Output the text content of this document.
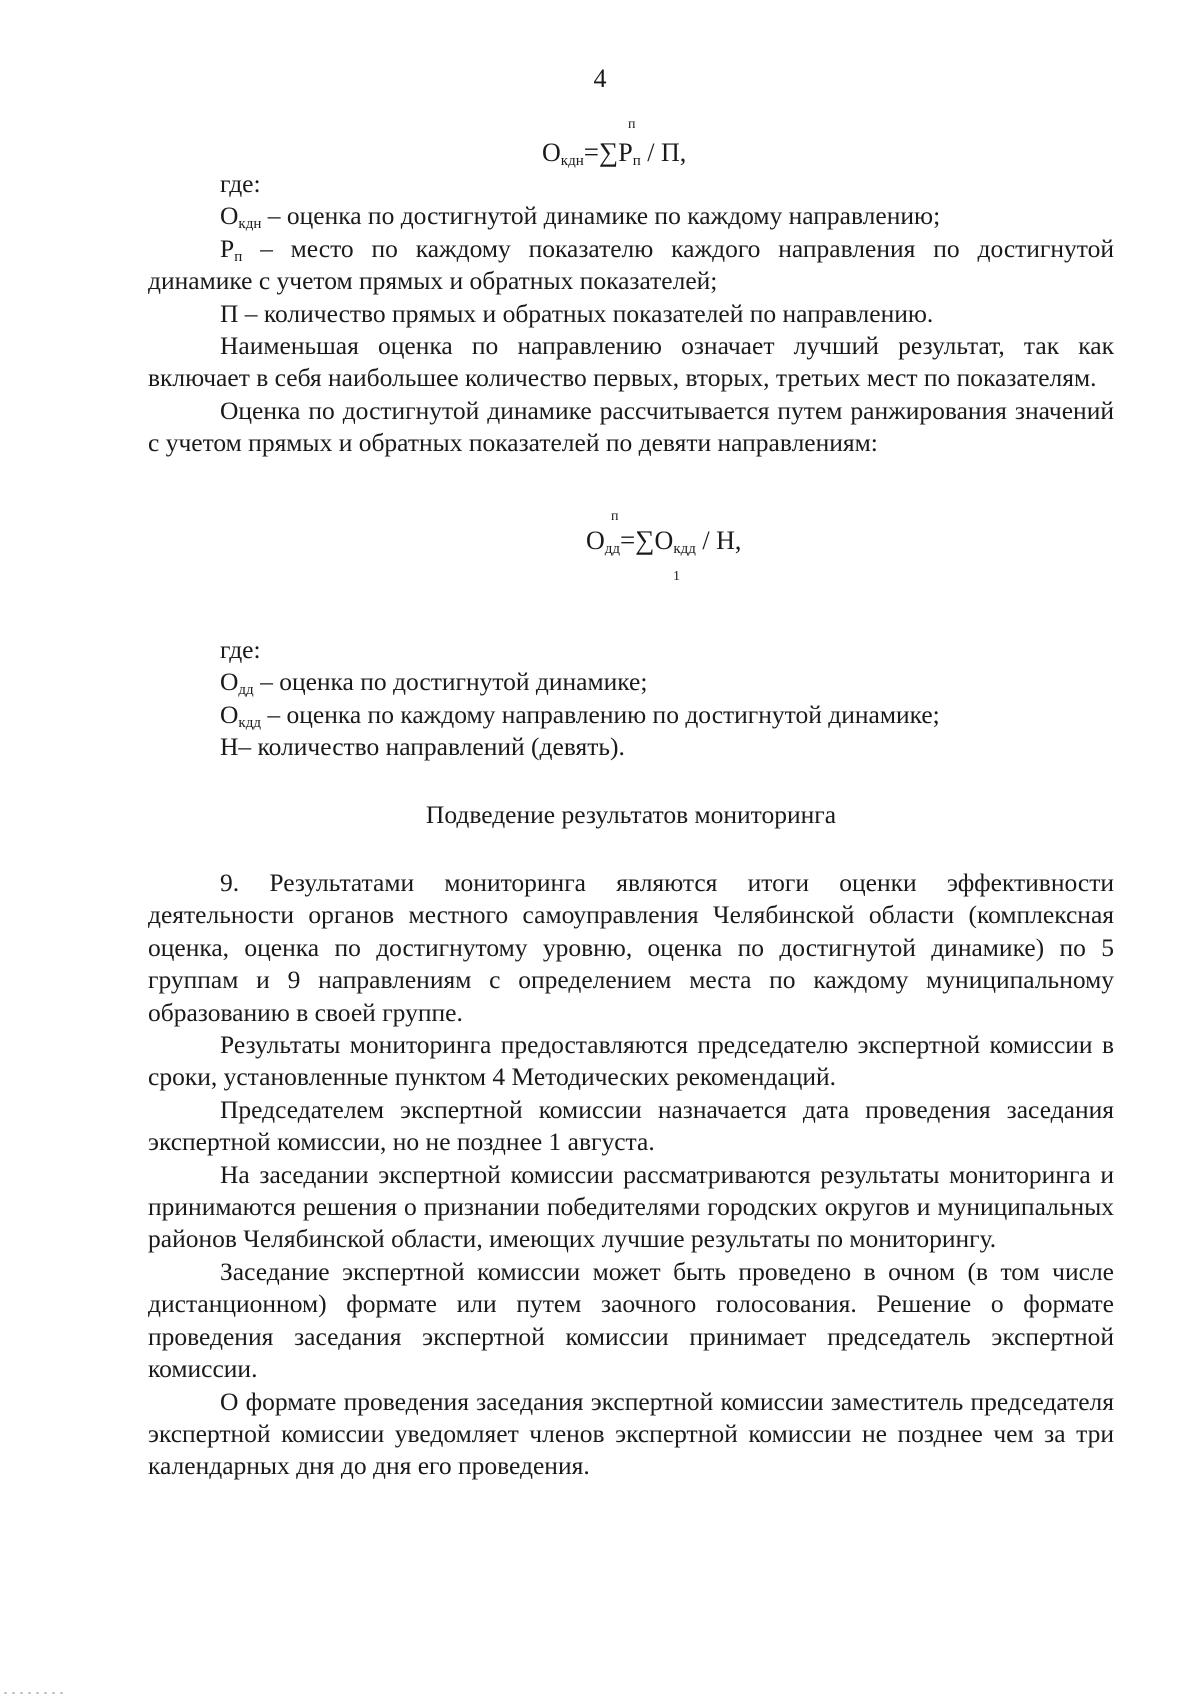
4
п
$О_{кдн}=\sum Р_п / П$,

где:

$О_{кдн}$ – оценка по достигнутой динамике по каждому направлению;

$Р_п$ – место по каждому показателю каждого направления по достигнутой динамике с учетом прямых и обратных показателей;

П – количество прямых и обратных показателей по направлению.

Наименьшая оценка по направлению означает лучший результат, так как включает в себя наибольшее количество первых, вторых, третьих мест по показателям.

Оценка по достигнутой динамике рассчитывается путем ранжирования значений с учетом прямых и обратных показателей по девяти направлениям:

п
$О_{дд}=\sum О_{кдд} / Н$,
1

где:

$О_{дд}$ – оценка по достигнутой динамике;

$О_{кдд}$ – оценка по каждому направлению по достигнутой динамике;

Н– количество направлений (девять).

Подведение результатов мониторинга

9. Результатами мониторинга являются итоги оценки эффективности деятельности органов местного самоуправления Челябинской области (комплексная оценка, оценка по достигнутому уровню, оценка по достигнутой динамике) по 5 группам и 9 направлениям с определением места по каждому муниципальному образованию в своей группе.

Результаты мониторинга предоставляются председателю экспертной комиссии в сроки, установленные пунктом 4 Методических рекомендаций.

Председателем экспертной комиссии назначается дата проведения заседания экспертной комиссии, но не позднее 1 августа.

На заседании экспертной комиссии рассматриваются результаты мониторинга и принимаются решения о признании победителями городских округов и муниципальных районов Челябинской области, имеющих лучшие результаты по мониторингу.

Заседание экспертной комиссии может быть проведено в очном (в том числе дистанционном) формате или путем заочного голосования. Решение о формате проведения заседания экспертной комиссии принимает председатель экспертной комиссии.

О формате проведения заседания экспертной комиссии заместитель председателя экспертной комиссии уведомляет членов экспертной комиссии не позднее чем за три календарных дня до дня его проведения.
